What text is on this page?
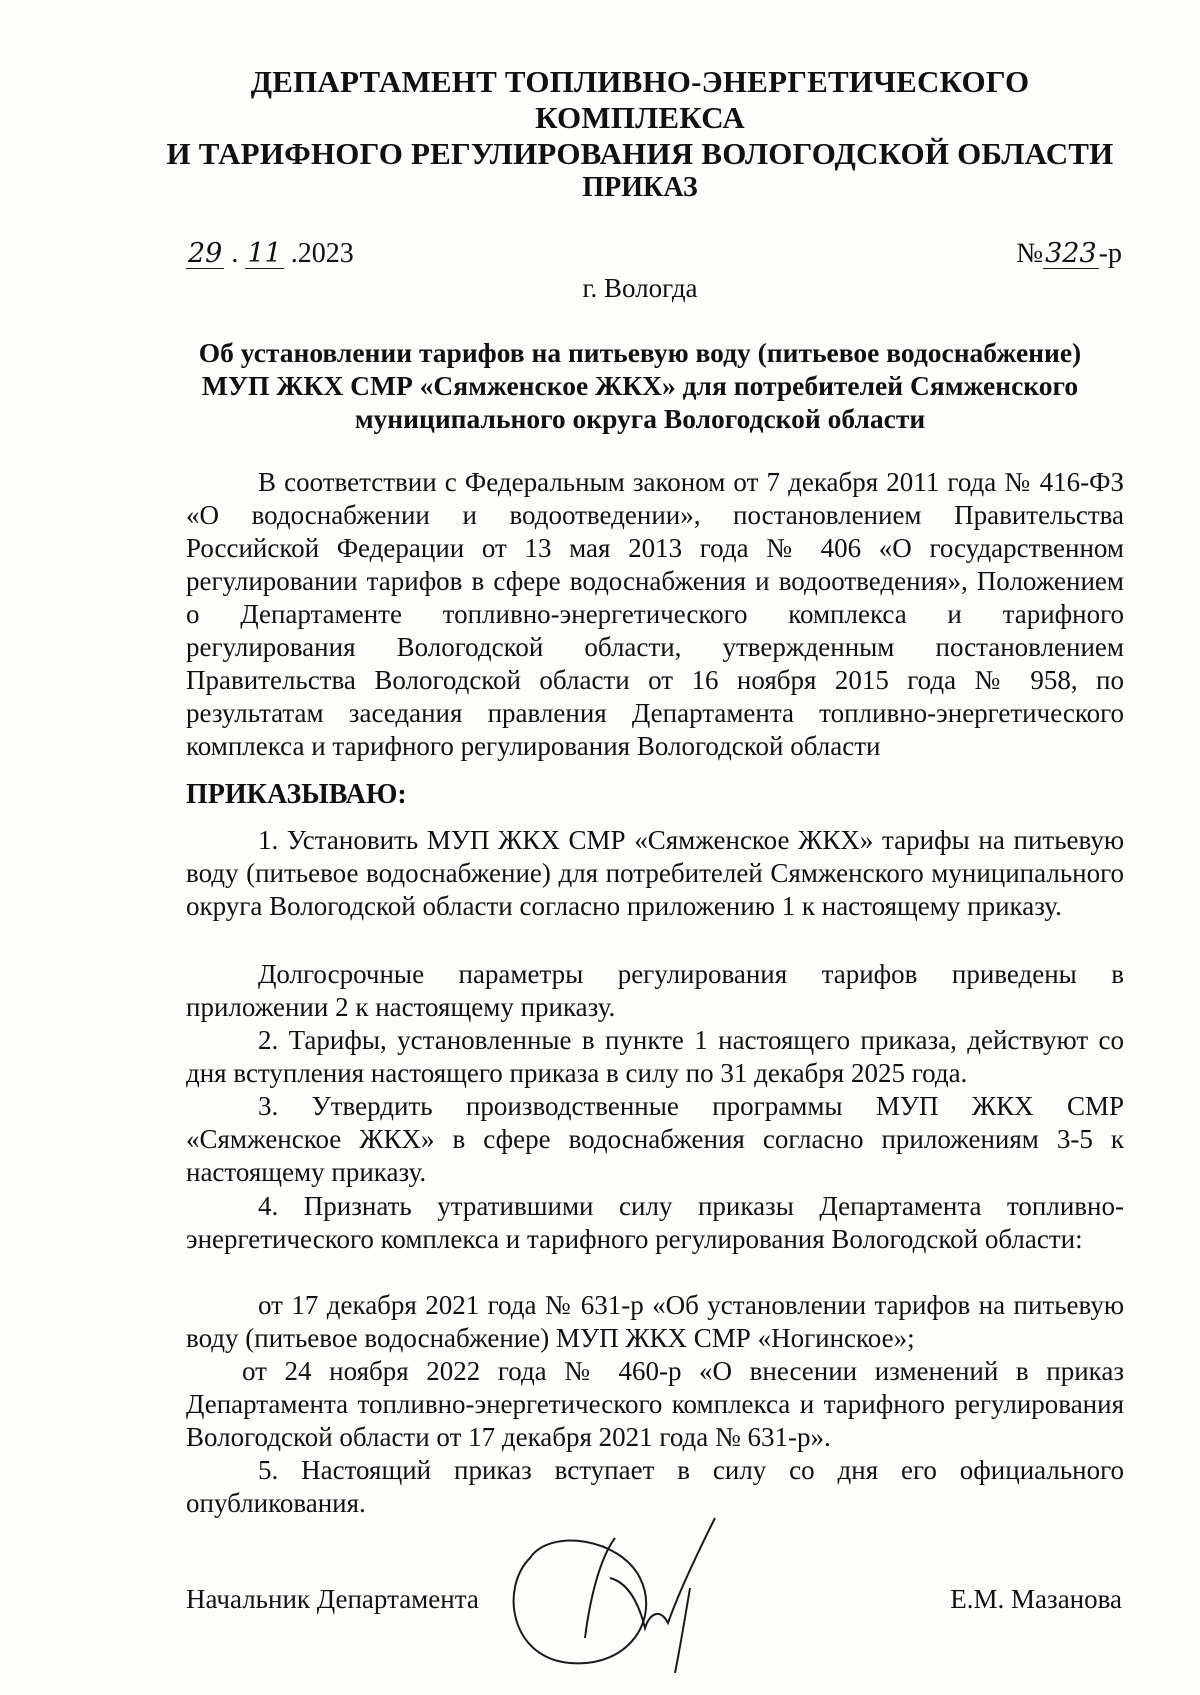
ДЕПАРТАМЕНТ ТОПЛИВНО-ЭНЕРГЕТИЧЕСКОГО КОМПЛЕКСА
И ТАРИФНОГО РЕГУЛИРОВАНИЯ ВОЛОГОДСКОЙ ОБЛАСТИ
ПРИКАЗ
29 . 11 .2023	№323-р
г. Вологда
Об установлении тарифов на питьевую воду (питьевое водоснабжение)
МУП ЖКХ СМР «Сямженское ЖКХ» для потребителей Сямженского
муниципального округа Вологодской области

В соответствии с Федеральным законом от 7 декабря 2011 года № 416-ФЗ «О водоснабжении и водоотведении», постановлением Правительства Российской Федерации от 13 мая 2013 года № 406 «О государственном регулировании тарифов в сфере водоснабжения и водоотведения», Положением о Департаменте топливно-энергетического комплекса и тарифного регулирования Вологодской области, утвержденным постановлением Правительства Вологодской области от 16 ноября 2015 года № 958, по результатам заседания правления Департамента топливно-энергетического комплекса и тарифного регулирования Вологодской области

ПРИКАЗЫВАЮ:

1. Установить МУП ЖКХ СМР «Сямженское ЖКХ» тарифы на питьевую воду (питьевое водоснабжение) для потребителей Сямженского муниципального округа Вологодской области согласно приложению 1 к настоящему приказу.

Долгосрочные параметры регулирования тарифов приведены в приложении 2 к настоящему приказу.

2. Тарифы, установленные в пункте 1 настоящего приказа, действуют со дня вступления настоящего приказа в силу по 31 декабря 2025 года.

3. Утвердить производственные программы МУП ЖКХ СМР «Сямженское ЖКХ» в сфере водоснабжения согласно приложениям 3-5 к настоящему приказу.

4. Признать утратившими силу приказы Департамента топливно-энергетического комплекса и тарифного регулирования Вологодской области:

от 17 декабря 2021 года № 631-р «Об установлении тарифов на питьевую воду (питьевое водоснабжение) МУП ЖКХ СМР «Ногинское»;

от 24 ноября 2022 года № 460-р «О внесении изменений в приказ Департамента топливно-энергетического комплекса и тарифного регулирования Вологодской области от 17 декабря 2021 года № 631-р».

5. Настоящий приказ вступает в силу со дня его официального опубликования.

Начальник Департамента	Е.М. Мазанова
